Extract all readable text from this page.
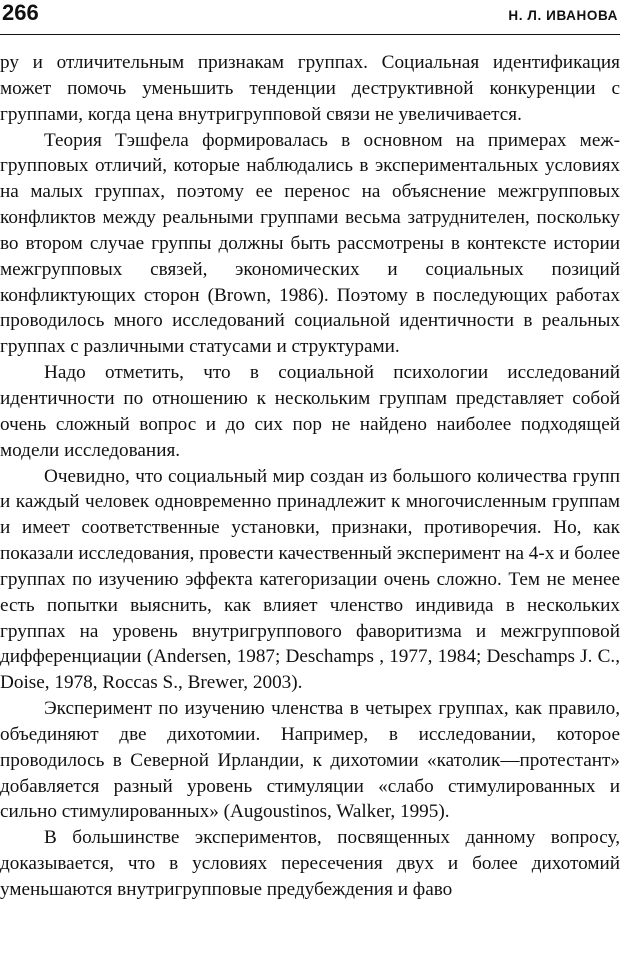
266	Н. Л. ИВАНОВА

ру и отличительным признакам группах. Социальная идентификация может помочь уменьшить тенденции деструктивной конкуренции с группами, когда цена внутригрупповой связи не увеличивается.

Теория Тэшфела формировалась в основном на примерах межгрупповых отличий, которые наблюдались в экспериментальных условиях на малых группах, поэтому ее перенос на объяснение межгрупповых конфликтов между реальными группами весьма затруднителен, поскольку во втором случае группы должны быть рассмотрены в контексте истории межгрупповых связей, экономических и социальных позиций конфликтующих сторон (Brown, 1986). Поэтому в последующих работах проводилось много исследований социальной идентичности в реальных группах с различными статусами и структурами.

Надо отметить, что в социальной психологии исследований идентичности по отношению к нескольким группам представляет собой очень сложный вопрос и до сих пор не найдено наиболее подходящей модели исследования.

Очевидно, что социальный мир создан из большого количества групп и каждый человек одновременно принадлежит к многочисленным группам и имеет соответственные установки, признаки, противоречия. Но, как показали исследования, провести качественный эксперимент на 4-х и более группах по изучению эффекта категоризации очень сложно. Тем не менее есть попытки выяснить, как влияет членство индивида в нескольких группах на уровень внутригруппового фаворитизма и межгрупповой дифференциации (Andersen, 1987; Deschamps , 1977, 1984; Deschamps J. C., Doise, 1978, Roccas S., Brewer, 2003).

Эксперимент по изучению членства в четырех группах, как правило, объединяют две дихотомии. Например, в исследовании, которое проводилось в Северной Ирландии, к дихотомии «католик—протестант» добавляется разный уровень стимуляции «слабо стимулированных и сильно стимулированных» (Augoustinos, Walker, 1995).

В большинстве экспериментов, посвященных данному вопросу, доказывается, что в условиях пересечения двух и более дихотомий уменьшаются внутригрупповые предубеждения и фаво
